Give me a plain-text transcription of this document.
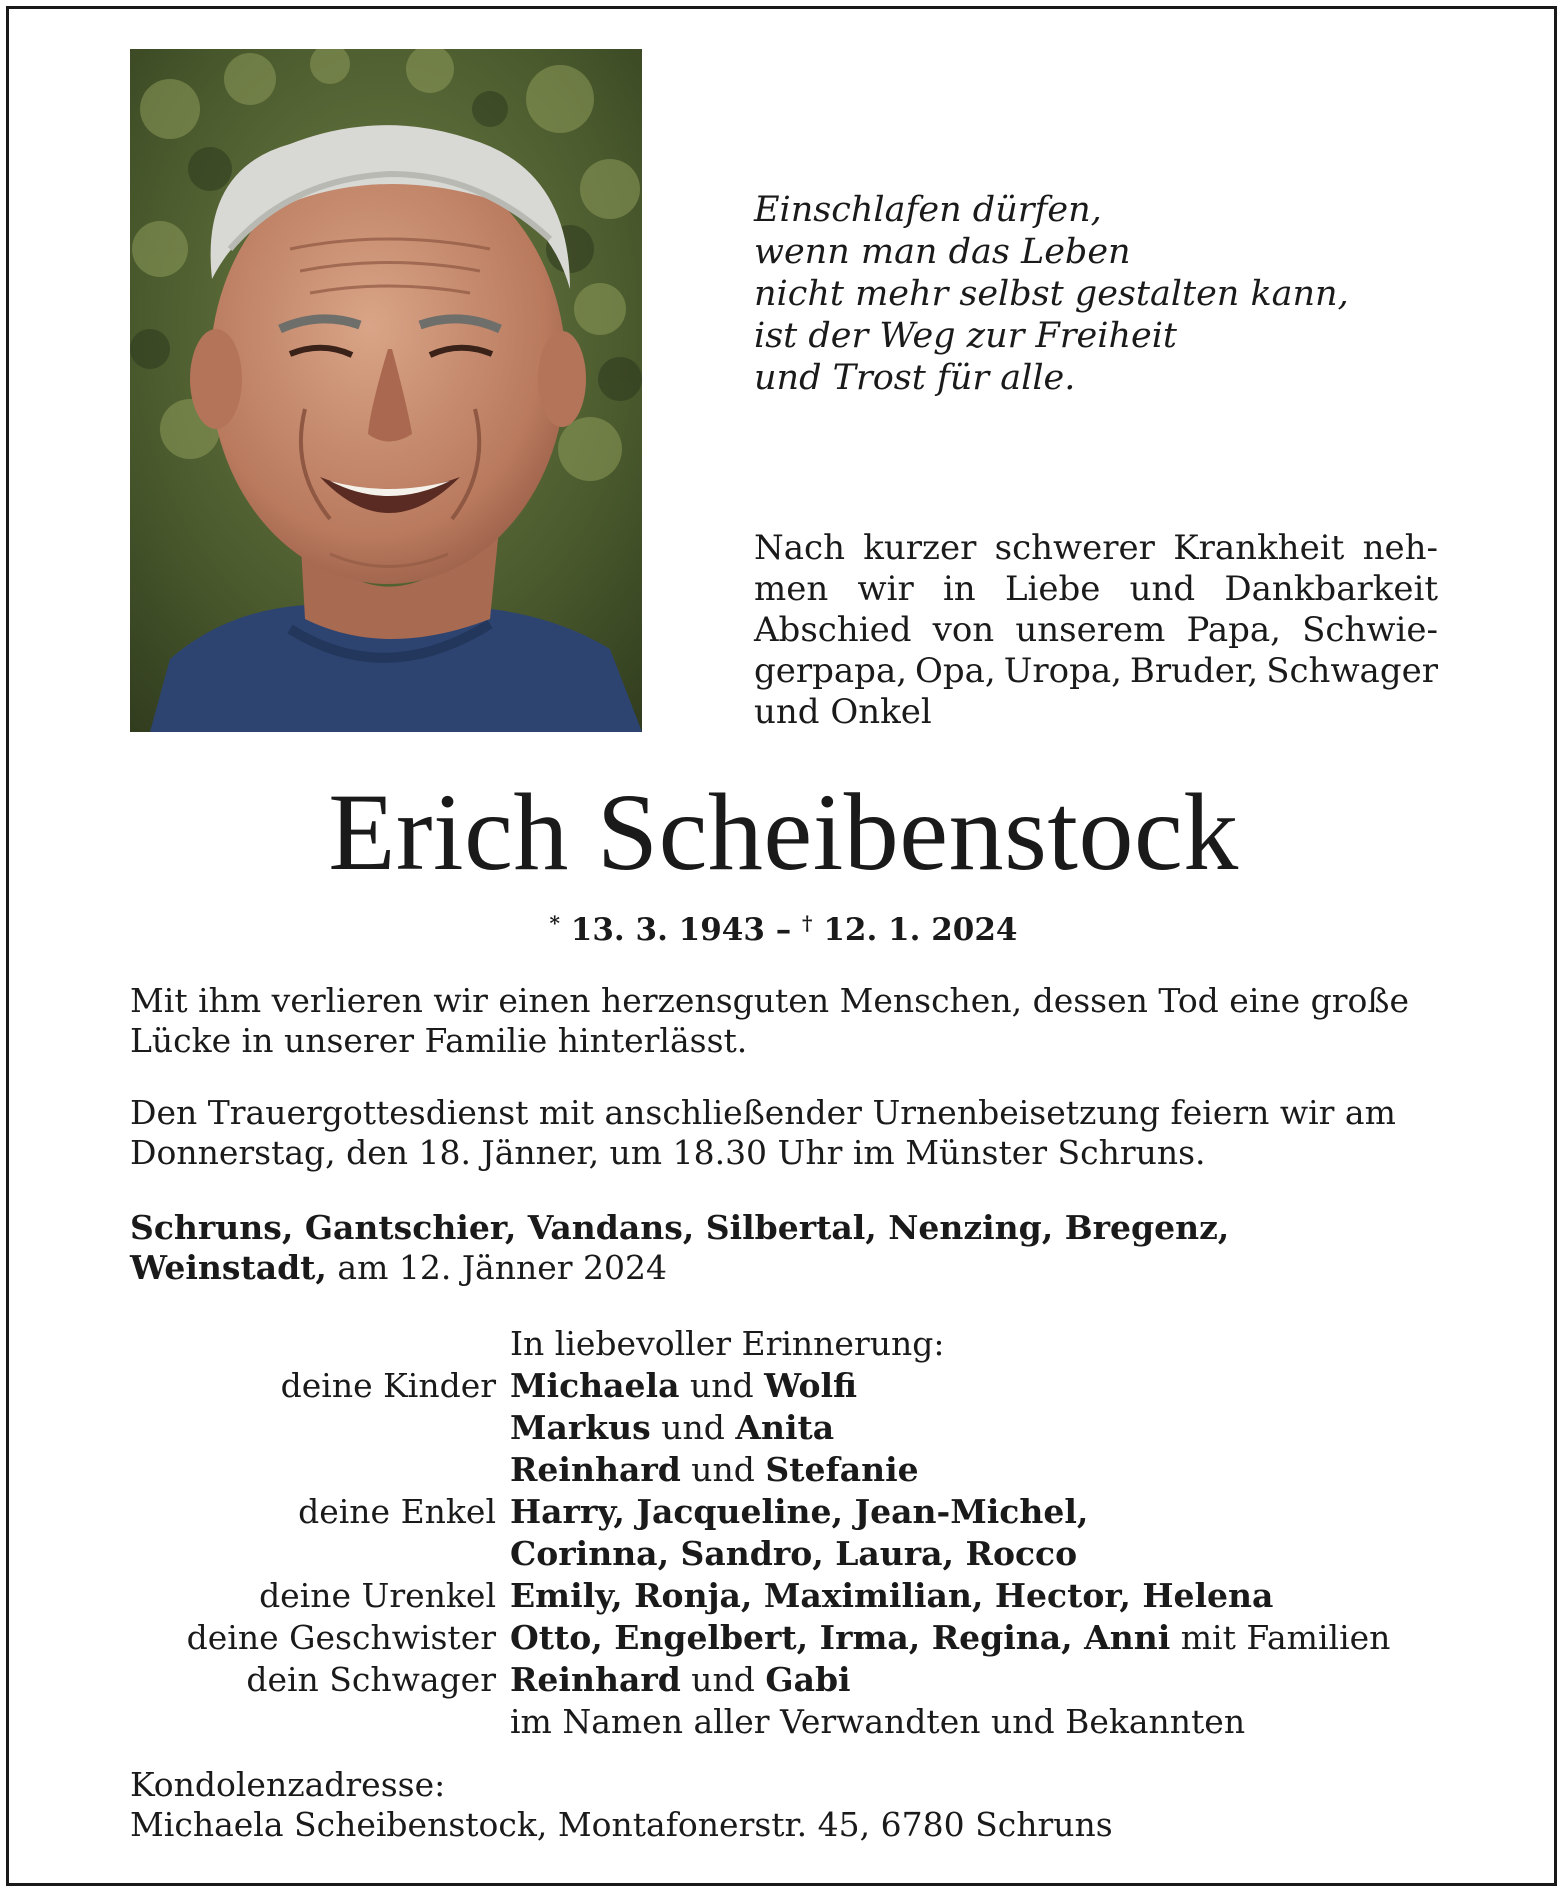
Einschlafen dürfen,
wenn man das Leben
nicht mehr selbst gestalten kann,
ist der Weg zur Freiheit
und Trost für alle.
Nach kurzer schwerer Krankheit neh-
men wir in Liebe und Dankbarkeit
Abschied von unserem Papa, Schwie-
gerpapa, Opa, Uropa, Bruder, Schwager
und Onkel
Erich Scheibenstock
* 13. 3. 1943 – † 12. 1. 2024
Mit ihm verlieren wir einen herzensguten Menschen, dessen Tod eine große
Lücke in unserer Familie hinterlässt.
Den Trauergottesdienst mit anschließender Urnenbeisetzung feiern wir am
Donnerstag, den 18. Jänner, um 18.30 Uhr im Münster Schruns.
Schruns, Gantschier, Vandans, Silbertal, Nenzing, Bregenz,
Weinstadt, am 12. Jänner 2024
In liebevoller Erinnerung:
deine Kinder Michaela und Wolfi
Markus und Anita
Reinhard und Stefanie
deine Enkel Harry, Jacqueline, Jean-Michel,
Corinna, Sandro, Laura, Rocco
deine Urenkel Emily, Ronja, Maximilian, Hector, Helena
deine Geschwister Otto, Engelbert, Irma, Regina, Anni mit Familien
dein Schwager Reinhard und Gabi
im Namen aller Verwandten und Bekannten
Kondolenzadresse:
Michaela Scheibenstock, Montafonerstr. 45, 6780 Schruns
